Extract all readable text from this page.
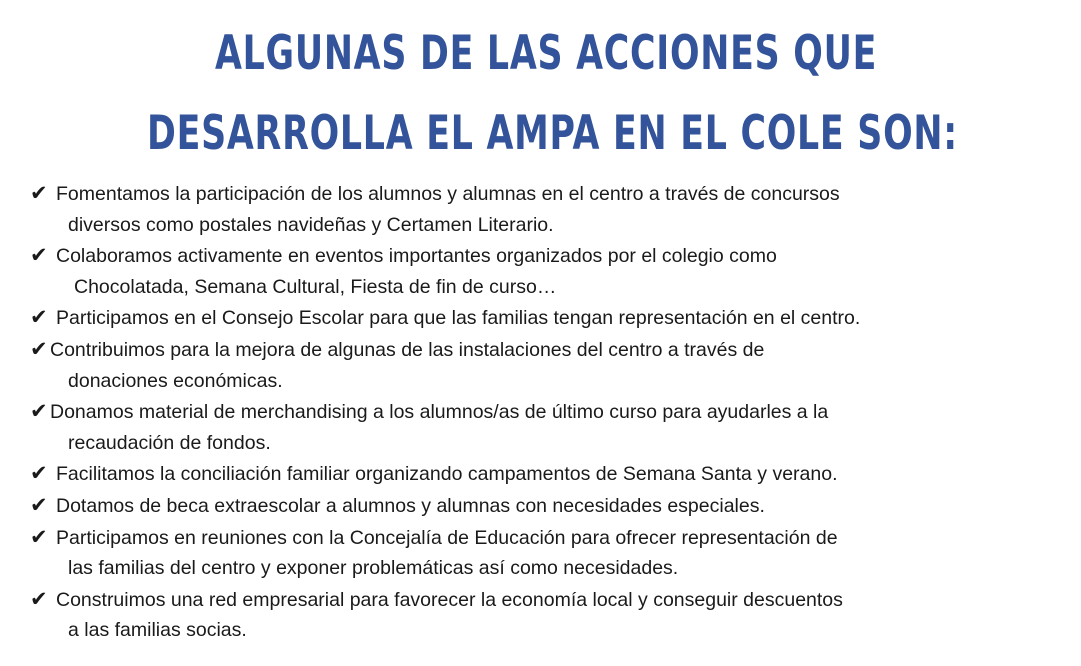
ALGUNAS DE LAS ACCIONES QUE
DESARROLLA EL AMPA EN EL COLE SON:
✔ Fomentamos la participación de los alumnos y alumnas en el centro a través de concursos
diversos como postales navideñas y Certamen Literario.
✔ Colaboramos activamente en eventos importantes organizados por el colegio como
Chocolatada, Semana Cultural, Fiesta de fin de curso…
✔ Participamos en el Consejo Escolar para que las familias tengan representación en el centro.
✔ Contribuimos para la mejora de algunas de las instalaciones del centro a través de
donaciones económicas.
✔ Donamos material de merchandising a los alumnos/as de último curso para ayudarles a la
recaudación de fondos.
✔ Facilitamos la conciliación familiar organizando campamentos de Semana Santa y verano.
✔ Dotamos de beca extraescolar a alumnos y alumnas con necesidades especiales.
✔ Participamos en reuniones con la Concejalía de Educación para ofrecer representación de
las familias del centro y exponer problemáticas así como necesidades.
✔ Construimos una red empresarial para favorecer la economía local y conseguir descuentos
a las familias socias.
